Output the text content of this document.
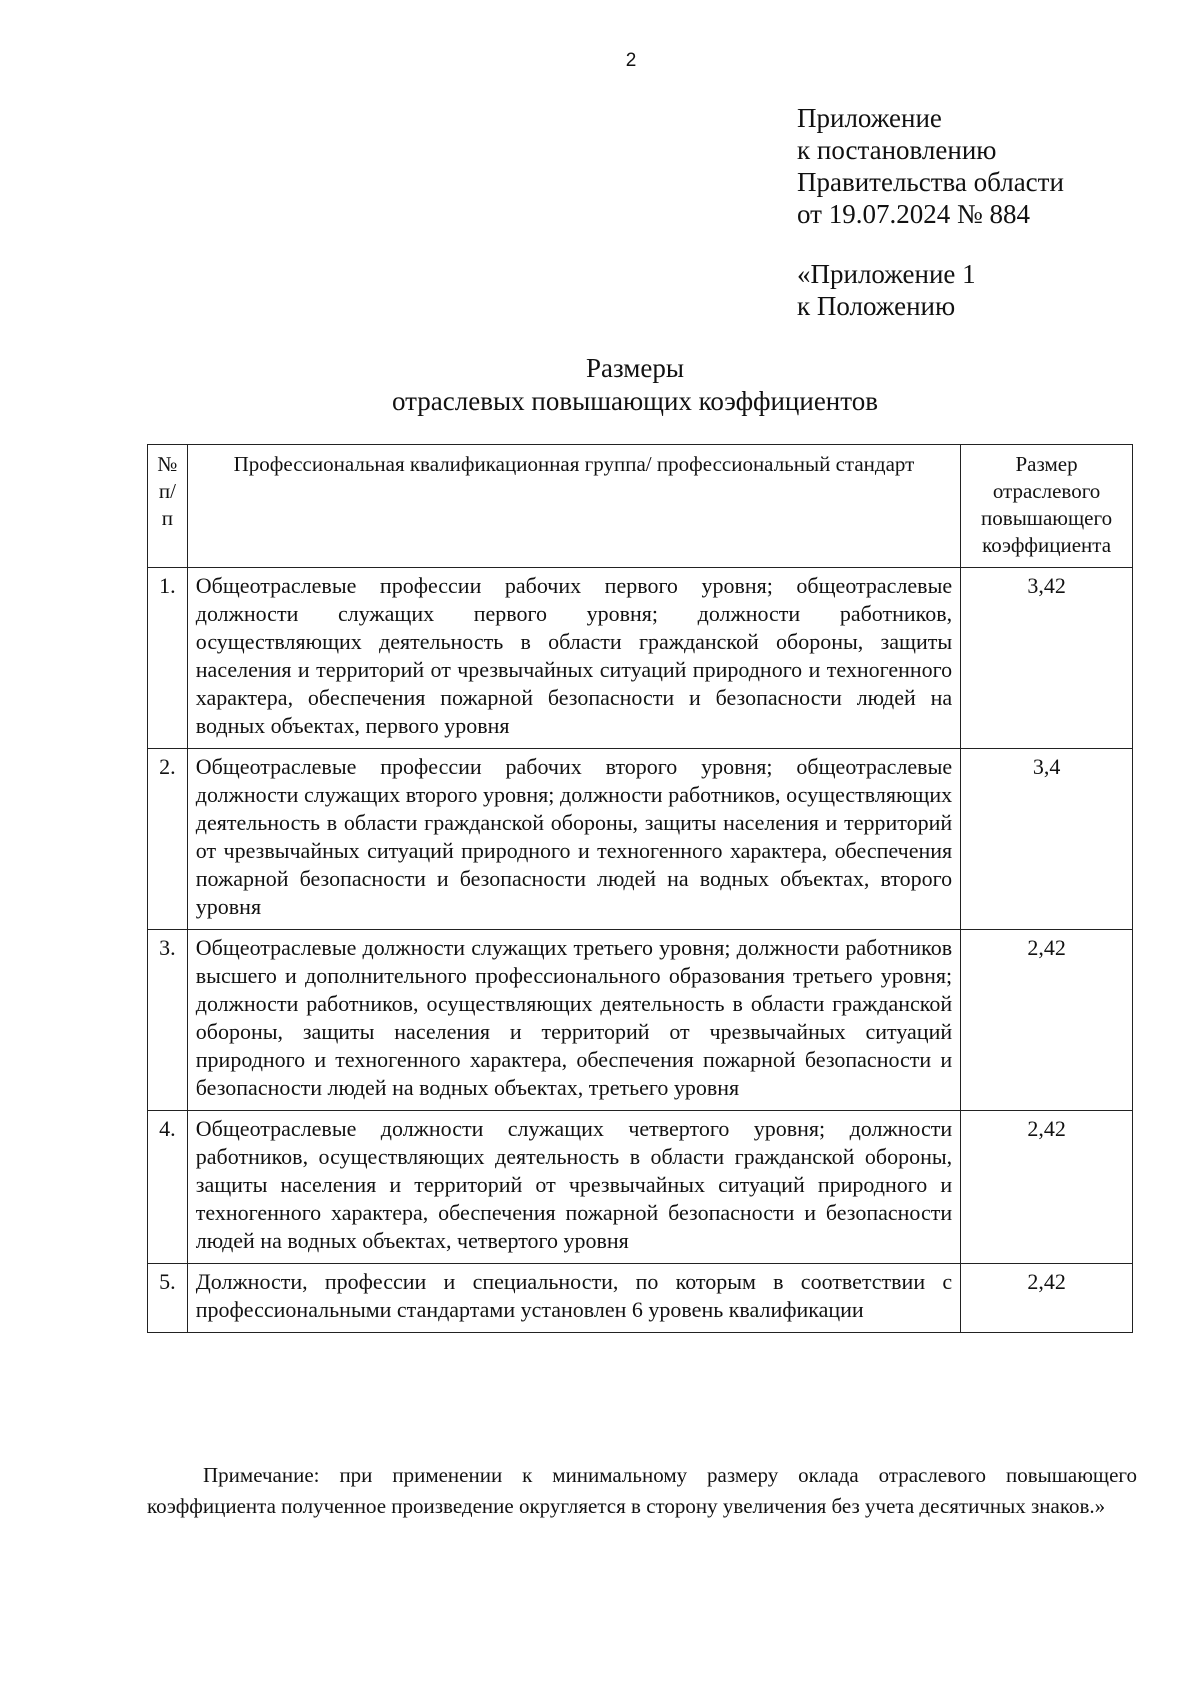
2
Приложение
к постановлению
Правительства области
от 19.07.2024 № 884
«Приложение 1
к Положению
Размеры
отраслевых повышающих коэффициентов
№ п/ п	Профессиональная квалификационная группа/ профессиональный стандарт	Размер отраслевого повышающего коэффициента
1.	Общеотраслевые профессии рабочих первого уровня; общеотраслевые должности служащих первого уровня; должности работников, осуществляющих деятельность в области гражданской обороны, защиты населения и территорий от чрезвычайных ситуаций природного и техногенного характера, обеспечения пожарной безопасности и безопасности людей на водных объектах, первого уровня	3,42
2.	Общеотраслевые профессии рабочих второго уровня; общеотраслевые должности служащих второго уровня; должности работников, осуществляющих деятельность в области гражданской обороны, защиты населения и территорий от чрезвычайных ситуаций природного и техногенного характера, обеспечения пожарной безопасности и безопасности людей на водных объектах, второго уровня	3,4
3.	Общеотраслевые должности служащих третьего уровня; должности работников высшего и дополнительного профессионального образования третьего уровня; должности работников, осуществляющих деятельность в области гражданской обороны, защиты населения и территорий от чрезвычайных ситуаций природного и техногенного характера, обеспечения пожарной безопасности и безопасности людей на водных объектах, третьего уровня	2,42
4.	Общеотраслевые должности служащих четвертого уровня; должности работников, осуществляющих деятельность в области гражданской обороны, защиты населения и территорий от чрезвычайных ситуаций природного и техногенного характера, обеспечения пожарной безопасности и безопасности людей на водных объектах, четвертого уровня	2,42
5.	Должности, профессии и специальности, по которым в соответствии с профессиональными стандартами установлен 6 уровень квалификации	2,42
Примечание: при применении к минимальному размеру оклада отраслевого повышающего коэффициента полученное произведение округляется в сторону увеличения без учета десятичных знаков.»
